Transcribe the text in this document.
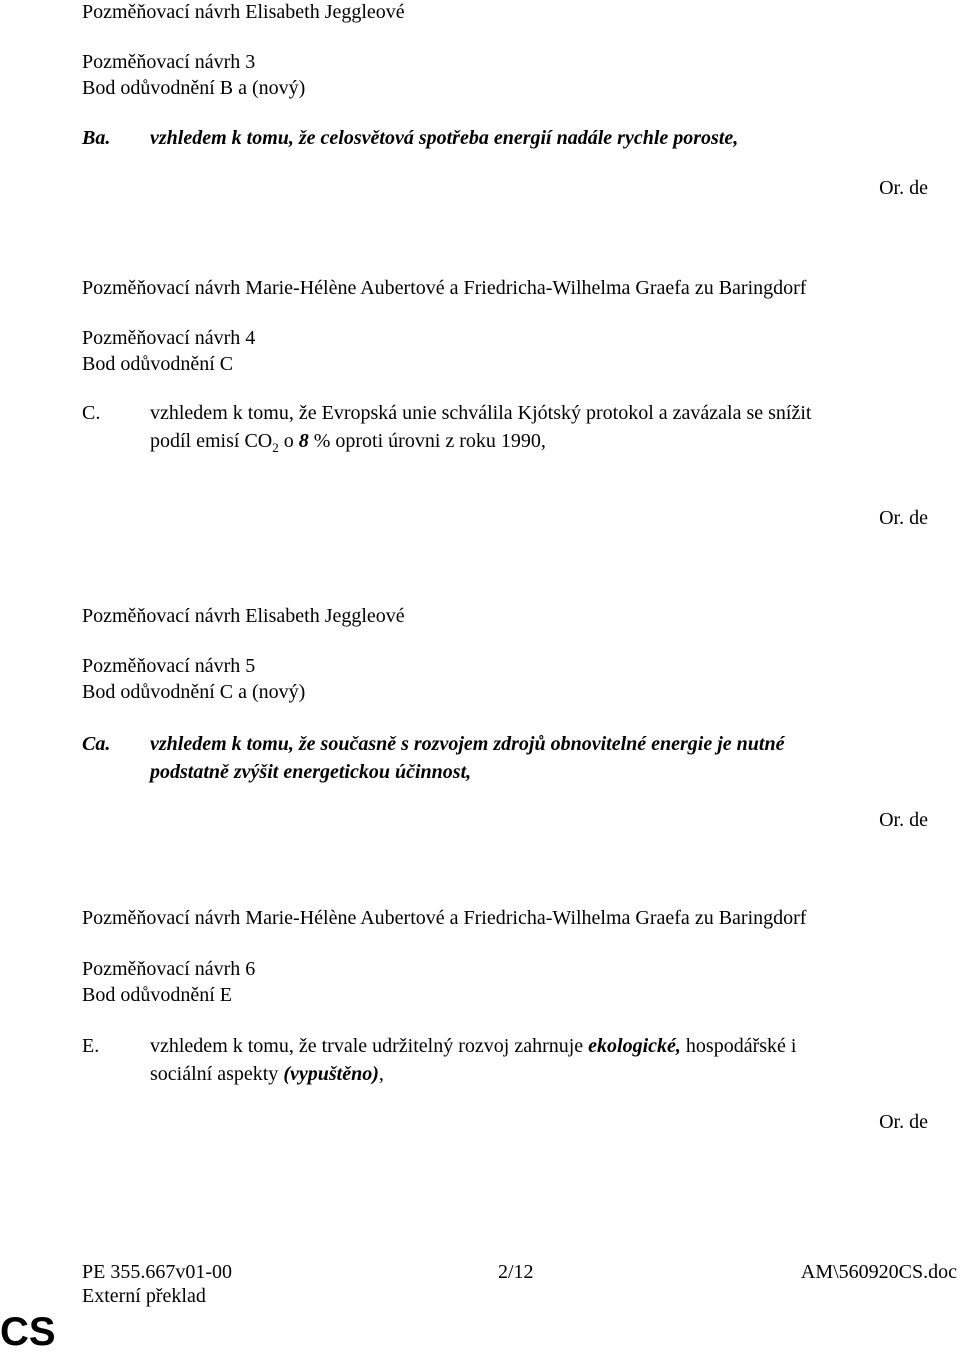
Pozměňovací návrh Elisabeth Jeggleové
Pozměňovací návrh 3
Bod odůvodnění B a (nový)
Ba. vzhledem k tomu, že celosvětová spotřeba energií nadále rychle poroste,
Or. de
Pozměňovací návrh Marie-Hélène Aubertové a Friedricha-Wilhelma Graefa zu Baringdorf
Pozměňovací návrh 4
Bod odůvodnění C
C. vzhledem k tomu, že Evropská unie schválila Kjótský protokol a zavázala se snížit
podíl emisí $CO_2$ o 8 % oproti úrovni z roku 1990,
Or. de
Pozměňovací návrh Elisabeth Jeggleové
Pozměňovací návrh 5
Bod odůvodnění C a (nový)
Ca. vzhledem k tomu, že současně s rozvojem zdrojů obnovitelné energie je nutné
podstatně zvýšit energetickou účinnost,
Or. de
Pozměňovací návrh Marie-Hélène Aubertové a Friedricha-Wilhelma Graefa zu Baringdorf
Pozměňovací návrh 6
Bod odůvodnění E
E.	vzhledem k tomu, že trvale udržitelný rozvoj zahrnuje ekologické, hospodářské i
sociální aspekty (vypuštěno),
Or. de
PE 355.667v01-00	2/12	AM\560920CS.doc
Externí překlad
CS
